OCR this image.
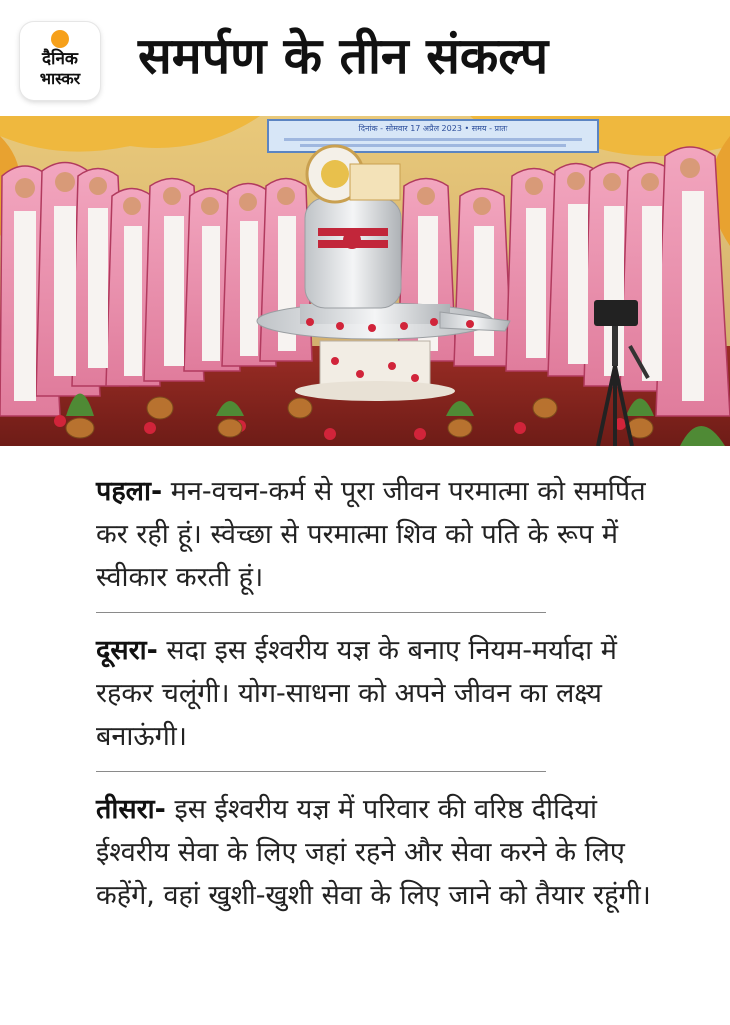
दैनिक
भास्कर	समर्पण के तीन संकल्प
दिनांक - सोमवार 17 अप्रैल 2023 • समय - प्रातः

पहला- मन-वचन-कर्म से पूरा जीवन परमात्मा को समर्पित कर रही हूं। स्वेच्छा से परमात्मा शिव को पति के रूप में स्वीकार करती हूं।

दूसरा- सदा इस ईश्वरीय यज्ञ के बनाए नियम-मर्यादा में रहकर चलूंगी। योग-साधना को अपने जीवन का लक्ष्य बनाऊंगी।

तीसरा- इस ईश्वरीय यज्ञ में परिवार की वरिष्ठ दीदियां ईश्वरीय सेवा के लिए जहां रहने और सेवा करने के लिए कहेंगे, वहां खुशी-खुशी सेवा के लिए जाने को तैयार रहूंगी।
